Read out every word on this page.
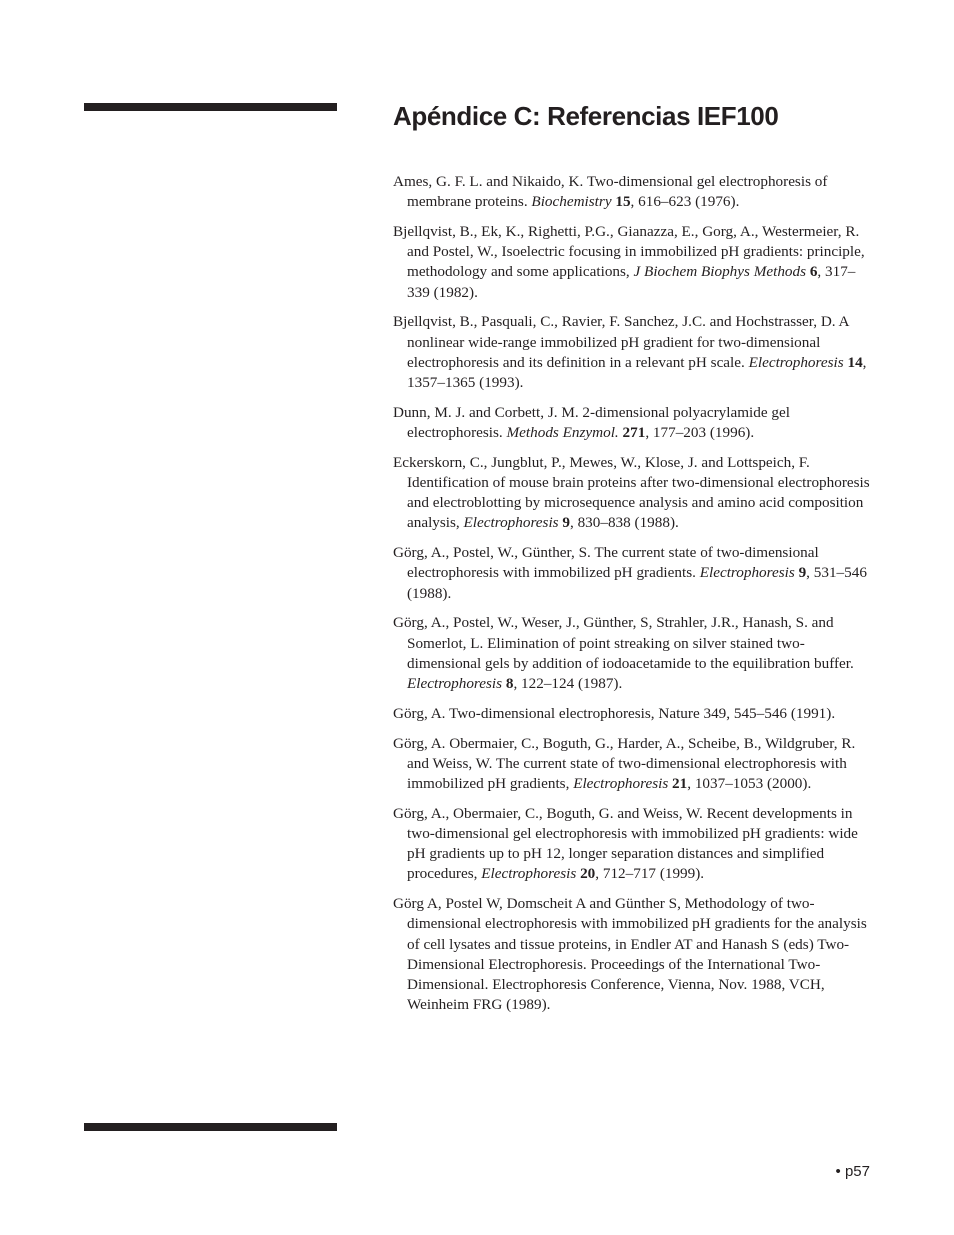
Apéndice C: Referencias IEF100
Ames, G. F. L. and Nikaido, K. Two-dimensional gel electrophoresis of membrane proteins. Biochemistry 15, 616–623 (1976).
Bjellqvist, B., Ek, K., Righetti, P.G., Gianazza, E., Gorg, A., Westermeier, R. and Postel, W., Isoelectric focusing in immobilized pH gradients: principle, methodology and some applications, J Biochem Biophys Methods 6, 317–339 (1982).
Bjellqvist, B., Pasquali, C., Ravier, F. Sanchez, J.C. and Hochstrasser, D. A nonlinear wide-range immobilized pH gradient for two-dimensional electrophoresis and its definition in a relevant pH scale. Electrophoresis 14, 1357–1365 (1993).
Dunn, M. J. and Corbett, J. M. 2-dimensional polyacrylamide gel electrophoresis. Methods Enzymol. 271, 177–203 (1996).
Eckerskorn, C., Jungblut, P., Mewes, W., Klose, J. and Lottspeich, F. Identification of mouse brain proteins after two-dimensional electrophoresis and electroblotting by microsequence analysis and amino acid composition analysis, Electrophoresis 9, 830–838 (1988).
Görg, A., Postel, W., Günther, S. The current state of two-dimensional electrophoresis with immobilized pH gradients. Electrophoresis 9, 531–546 (1988).
Görg, A., Postel, W., Weser, J., Günther, S, Strahler, J.R., Hanash, S. and Somerlot, L. Elimination of point streaking on silver stained two-dimensional gels by addition of iodoacetamide to the equilibration buffer. Electrophoresis 8, 122–124 (1987).
Görg, A. Two-dimensional electrophoresis, Nature 349, 545–546 (1991).
Görg, A. Obermaier, C., Boguth, G., Harder, A., Scheibe, B., Wildgruber, R. and Weiss, W. The current state of two-dimensional electrophoresis with immobilized pH gradients, Electrophoresis 21, 1037–1053 (2000).
Görg, A., Obermaier, C., Boguth, G. and Weiss, W. Recent developments in two-dimensional gel electrophoresis with immobilized pH gradients: wide pH gradients up to pH 12, longer separation distances and simplified procedures, Electrophoresis 20, 712–717 (1999).
Görg A, Postel W, Domscheit A and Günther S, Methodology of two-dimensional electrophoresis with immobilized pH gradients for the analysis of cell lysates and tissue proteins, in Endler AT and Hanash S (eds) Two-Dimensional Electrophoresis. Proceedings of the International Two-Dimensional. Electrophoresis Conference, Vienna, Nov. 1988, VCH, Weinheim FRG (1989).
• p57
